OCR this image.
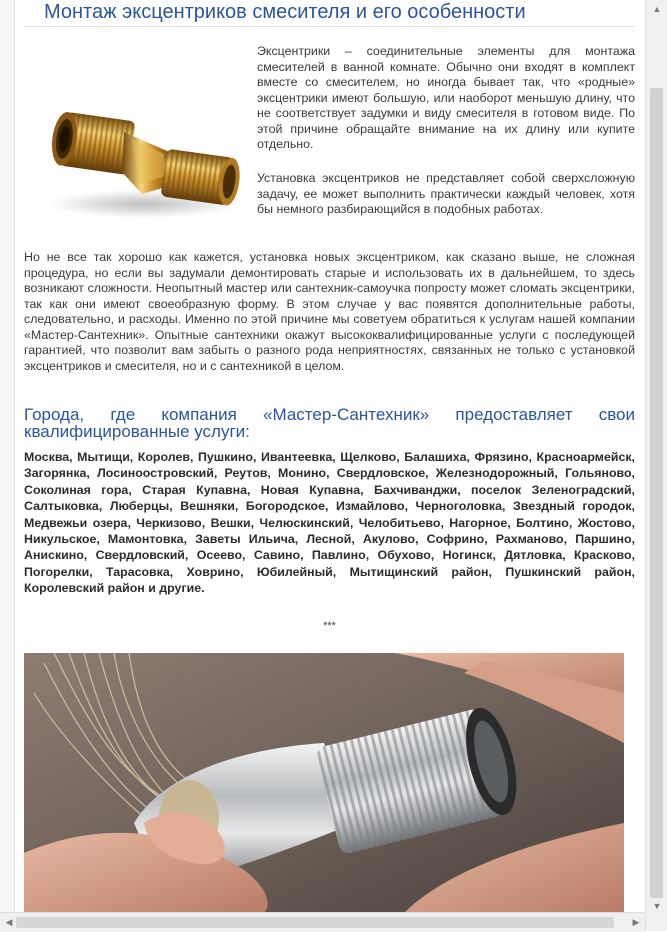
Монтаж эксцентриков смесителя и его особенности

Эксцентрики – соединительные элементы для монтажа смесителей в ванной комнате. Обычно они входят в комплект вместе со смесителем, но иногда бывает так, что «родные» эксцентрики имеют большую, или наоборот меньшую длину, что не соответствует задумки и виду смесителя в готовом виде. По этой причине обращайте внимание на их длину или купите отдельно.

Установка эксцентриков не представляет собой сверхсложную задачу, ее может выполнить практически каждый человек, хотя бы немного разбирающийся в подобных работах.

Но не все так хорошо как кажется, установка новых эксцентриком, как сказано выше, не сложная процедура, но если вы задумали демонтировать старые и использовать их в дальнейшем, то здесь возникают сложности. Неопытный мастер или сантехник-самоучка попросту может сломать эксцентрики, так как они имеют своеобразную форму. В этом случае у вас появятся дополнительные работы, следовательно, и расходы. Именно по этой причине мы советуем обратиться к услугам нашей компании «Мастер-Сантехник». Опытные сантехники окажут высококвалифицированные услуги с последующей гарантией, что позволит вам забыть о разного рода неприятностях, связанных не только с установкой эксцентриков и смесителя, но и с сантехникой в целом.

Города, где компания «Мастер-Сантехник» предоставляет свои квалифицированные услуги:

Москва, Мытищи, Королев, Пушкино, Ивантеевка, Щелково, Балашиха, Фрязино, Красноармейск, Загорянка, Лосиноостровский, Реутов, Монино, Свердловское, Железнодорожный, Гольяново, Соколиная гора, Старая Купавна, Новая Купавна, Бахчиванджи, поселок Зеленоградский, Салтыковка, Люберцы, Вешняки, Богородское, Измайлово, Черноголовка, Звездный городок, Медвежьи озера, Черкизово, Вешки, Челюскинский, Челобитьево, Нагорное, Болтино, Жостово, Никульское, Мамонтовка, Заветы Ильича, Лесной, Акулово, Софрино, Рахманово, Паршино, Анискино, Свердловский, Осеево, Савино, Павлино, Обухово, Ногинск, Дятловка, Красково, Погорелки, Тарасовка, Ховрино, Юбилейный, Мытищинский район, Пушкинский район, Королевский район и другие.

***
▲
▼
◀	▶
